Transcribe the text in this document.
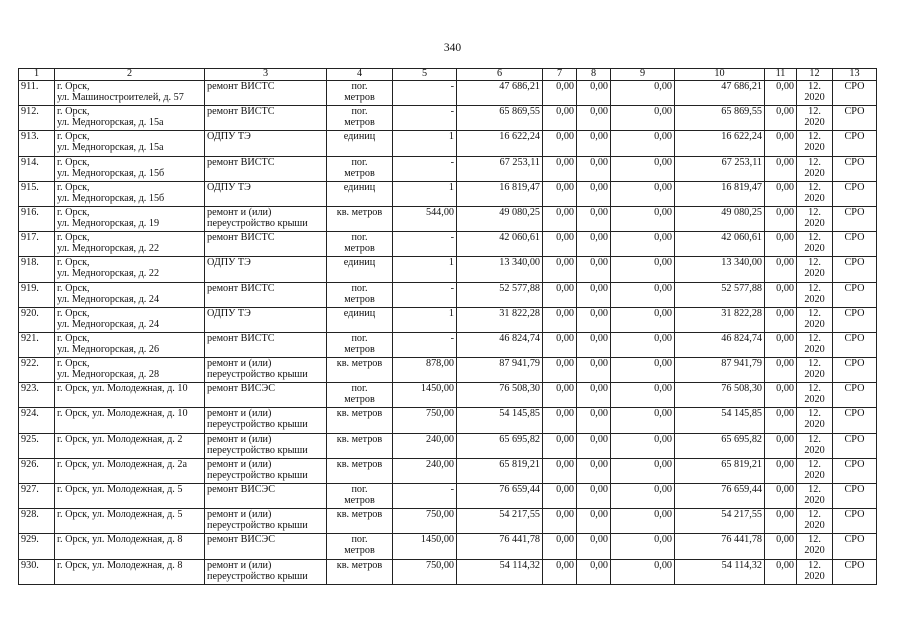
340
1	2	3	4	5	6	7	8	9	10	11	12	13

911.	г. Орск,
ул. Машиностроителей, д. 57	ремонт ВИСТС	пог.
метров	-	47 686,21	0,00	0,00	0,00	47 686,21	0,00	12.
2020	СРО

912.	г. Орск,
ул. Медногорская, д. 15а	ремонт ВИСТС	пог.
метров	-	65 869,55	0,00	0,00	0,00	65 869,55	0,00	12.
2020	СРО

913.	г. Орск,
ул. Медногорская, д. 15а	ОДПУ ТЭ	единиц	1	16 622,24	0,00	0,00	0,00	16 622,24	0,00	12.
2020	СРО

914.	г. Орск,
ул. Медногорская, д. 15б	ремонт ВИСТС	пог.
метров	-	67 253,11	0,00	0,00	0,00	67 253,11	0,00	12.
2020	СРО

915.	г. Орск,
ул. Медногорская, д. 15б	ОДПУ ТЭ	единиц	1	16 819,47	0,00	0,00	0,00	16 819,47	0,00	12.
2020	СРО

916.	г. Орск,
ул. Медногорская, д. 19	ремонт и (или)
переустройство крыши	кв. метров	544,00	49 080,25	0,00	0,00	0,00	49 080,25	0,00	12.
2020	СРО

917.	г. Орск,
ул. Медногорская, д. 22	ремонт ВИСТС	пог.
метров	-	42 060,61	0,00	0,00	0,00	42 060,61	0,00	12.
2020	СРО

918.	г. Орск,
ул. Медногорская, д. 22	ОДПУ ТЭ	единиц	1	13 340,00	0,00	0,00	0,00	13 340,00	0,00	12.
2020	СРО

919.	г. Орск,
ул. Медногорская, д. 24	ремонт ВИСТС	пог.
метров	-	52 577,88	0,00	0,00	0,00	52 577,88	0,00	12.
2020	СРО

920.	г. Орск,
ул. Медногорская, д. 24	ОДПУ ТЭ	единиц	1	31 822,28	0,00	0,00	0,00	31 822,28	0,00	12.
2020	СРО

921.	г. Орск,
ул. Медногорская, д. 26	ремонт ВИСТС	пог.
метров	-	46 824,74	0,00	0,00	0,00	46 824,74	0,00	12.
2020	СРО

922.	г. Орск,
ул. Медногорская, д. 28	ремонт и (или)
переустройство крыши	кв. метров	878,00	87 941,79	0,00	0,00	0,00	87 941,79	0,00	12.
2020	СРО

923.	г. Орск, ул. Молодежная, д. 10	ремонт ВИСЭС	пог.
метров	1450,00	76 508,30	0,00	0,00	0,00	76 508,30	0,00	12.
2020	СРО

924.	г. Орск, ул. Молодежная, д. 10	ремонт и (или)
переустройство крыши	кв. метров	750,00	54 145,85	0,00	0,00	0,00	54 145,85	0,00	12.
2020	СРО

925.	г. Орск, ул. Молодежная, д. 2	ремонт и (или)
переустройство крыши	кв. метров	240,00	65 695,82	0,00	0,00	0,00	65 695,82	0,00	12.
2020	СРО

926.	г. Орск, ул. Молодежная, д. 2а	ремонт и (или)
переустройство крыши	кв. метров	240,00	65 819,21	0,00	0,00	0,00	65 819,21	0,00	12.
2020	СРО

927.	г. Орск, ул. Молодежная, д. 5	ремонт ВИСЭС	пог.
метров	-	76 659,44	0,00	0,00	0,00	76 659,44	0,00	12.
2020	СРО

928.	г. Орск, ул. Молодежная, д. 5	ремонт и (или)
переустройство крыши	кв. метров	750,00	54 217,55	0,00	0,00	0,00	54 217,55	0,00	12.
2020	СРО

929.	г. Орск, ул. Молодежная, д. 8	ремонт ВИСЭС	пог.
метров	1450,00	76 441,78	0,00	0,00	0,00	76 441,78	0,00	12.
2020	СРО

930.	г. Орск, ул. Молодежная, д. 8	ремонт и (или)
переустройство крыши	кв. метров	750,00	54 114,32	0,00	0,00	0,00	54 114,32	0,00	12.
2020	СРО
